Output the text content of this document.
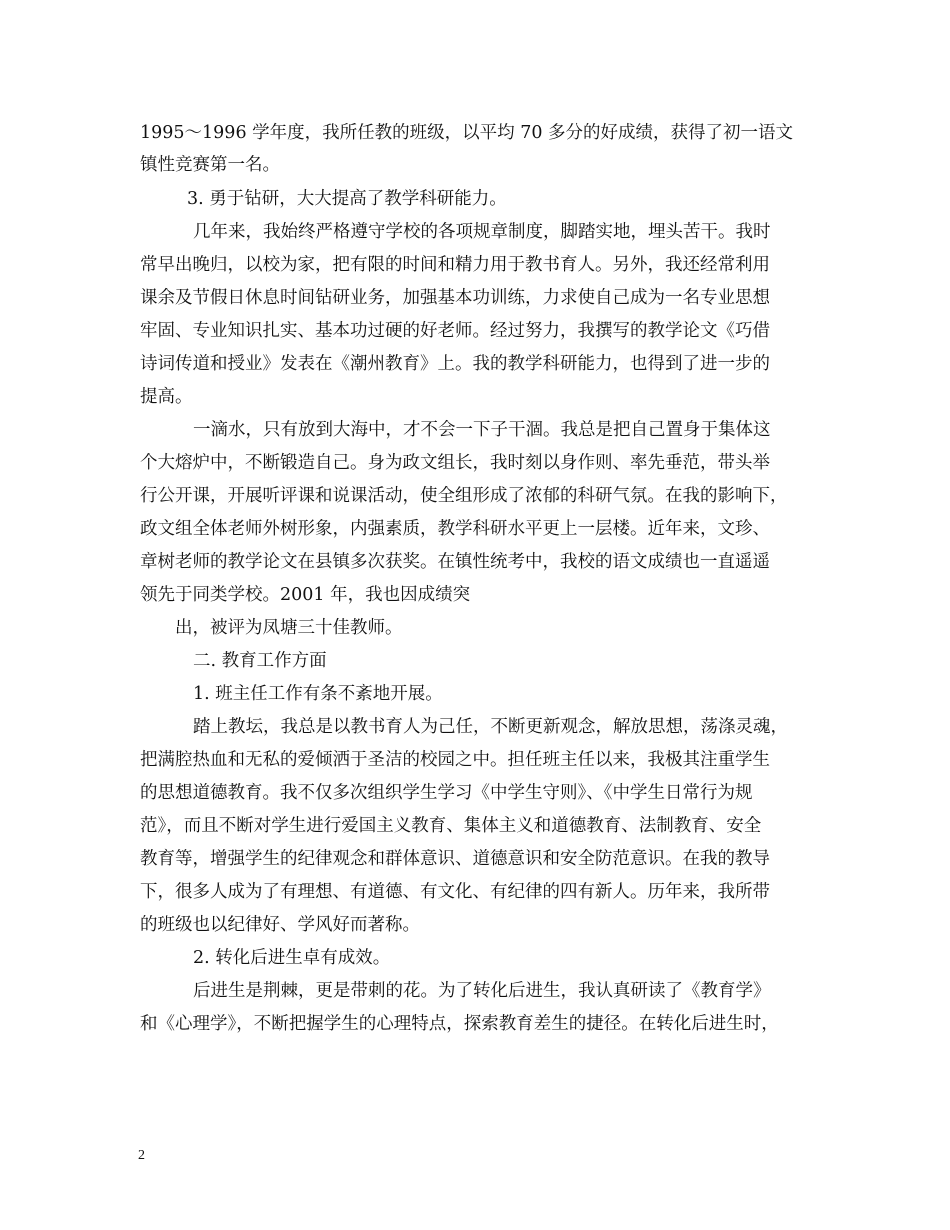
1995～1996 学年度，我所任教的班级，以平均 70 多分的好成绩，获得了初一语文
镇性竞赛第一名。
3. 勇于钻研，大大提高了教学科研能力。
几年来，我始终严格遵守学校的各项规章制度，脚踏实地，埋头苦干。我时
常早出晚归，以校为家，把有限的时间和精力用于教书育人。另外，我还经常利用
课余及节假日休息时间钻研业务，加强基本功训练，力求使自己成为一名专业思想
牢固、专业知识扎实、基本功过硬的好老师。经过努力，我撰写的教学论文《巧借
诗词传道和授业》发表在《潮州教育》上。我的教学科研能力，也得到了进一步的
提高。
一滴水，只有放到大海中，才不会一下子干涸。我总是把自己置身于集体这
个大熔炉中，不断锻造自己。身为政文组长，我时刻以身作则、率先垂范，带头举
行公开课，开展听评课和说课活动，使全组形成了浓郁的科研气氛。在我的影响下，
政文组全体老师外树形象，内强素质，教学科研水平更上一层楼。近年来，文珍、
章树老师的教学论文在县镇多次获奖。在镇性统考中，我校的语文成绩也一直遥遥
领先于同类学校。2001 年，我也因成绩突
出，被评为凤塘三十佳教师。
二. 教育工作方面
1. 班主任工作有条不紊地开展。
踏上教坛，我总是以教书育人为己任，不断更新观念，解放思想，荡涤灵魂，
把满腔热血和无私的爱倾洒于圣洁的校园之中。担任班主任以来，我极其注重学生
的思想道德教育。我不仅多次组织学生学习《中学生守则》、《中学生日常行为规
范》，而且不断对学生进行爱国主义教育、集体主义和道德教育、法制教育、安全
教育等，增强学生的纪律观念和群体意识、道德意识和安全防范意识。在我的教导
下，很多人成为了有理想、有道德、有文化、有纪律的四有新人。历年来，我所带
的班级也以纪律好、学风好而著称。
2. 转化后进生卓有成效。
后进生是荆棘，更是带刺的花。为了转化后进生，我认真研读了《教育学》
和《心理学》，不断把握学生的心理特点，探索教育差生的捷径。在转化后进生时，
2
